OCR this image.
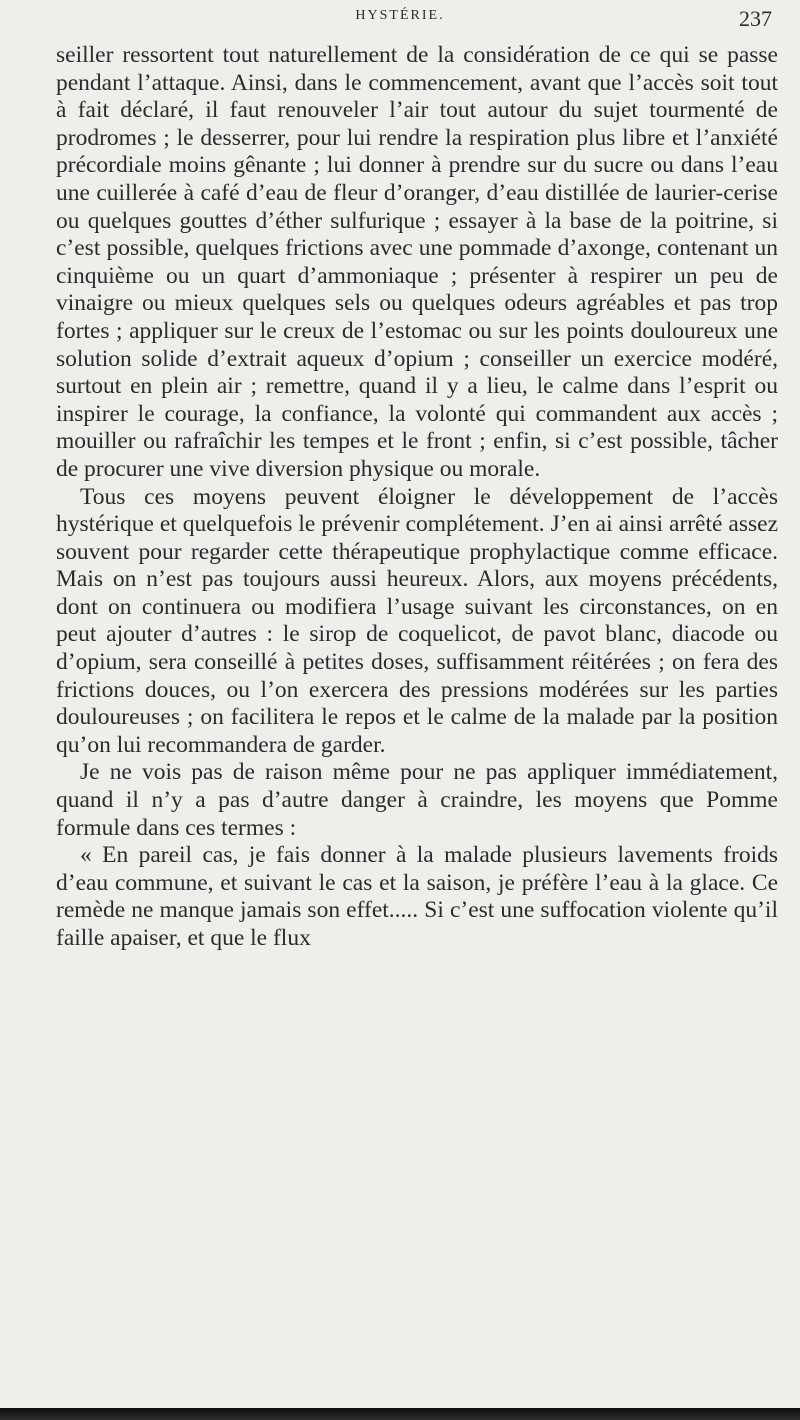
HYSTÉRIE.	237

seiller ressortent tout naturellement de la considération de ce qui se passe pendant l’attaque. Ainsi, dans le commencement, avant que l’accès soit tout à fait déclaré, il faut renouveler l’air tout autour du sujet tourmenté de prodromes ; le desserrer, pour lui rendre la respiration plus libre et l’anxiété précordiale moins gênante ; lui donner à prendre sur du sucre ou dans l’eau une cuillerée à café d’eau de fleur d’oranger, d’eau distillée de laurier-cerise ou quelques gouttes d’éther sulfurique ; essayer à la base de la poitrine, si c’est possible, quelques frictions avec une pommade d’axonge, contenant un cinquième ou un quart d’ammoniaque ; présenter à respirer un peu de vinaigre ou mieux quelques sels ou quelques odeurs agréables et pas trop fortes ; appliquer sur le creux de l’estomac ou sur les points douloureux une solution solide d’extrait aqueux d’opium ; conseiller un exercice modéré, surtout en plein air ; remettre, quand il y a lieu, le calme dans l’esprit ou inspirer le courage, la confiance, la volonté qui commandent aux accès ; mouiller ou rafraîchir les tempes et le front ; enfin, si c’est possible, tâcher de procurer une vive diversion physique ou morale.

Tous ces moyens peuvent éloigner le développement de l’accès hystérique et quelquefois le prévenir complétement. J’en ai ainsi arrêté assez souvent pour regarder cette thérapeutique prophylactique comme efficace. Mais on n’est pas toujours aussi heureux. Alors, aux moyens précédents, dont on continuera ou modifiera l’usage suivant les circonstances, on en peut ajouter d’autres : le sirop de coquelicot, de pavot blanc, diacode ou d’opium, sera conseillé à petites doses, suffisamment réitérées ; on fera des frictions douces, ou l’on exercera des pressions modérées sur les parties douloureuses ; on facilitera le repos et le calme de la malade par la position qu’on lui recommandera de garder.

Je ne vois pas de raison même pour ne pas appliquer immédiatement, quand il n’y a pas d’autre danger à craindre, les moyens que Pomme formule dans ces termes :

« En pareil cas, je fais donner à la malade plusieurs lavements froids d’eau commune, et suivant le cas et la saison, je préfère l’eau à la glace. Ce remède ne manque jamais son effet..... Si c’est une suffocation violente qu’il faille apaiser, et que le flux
